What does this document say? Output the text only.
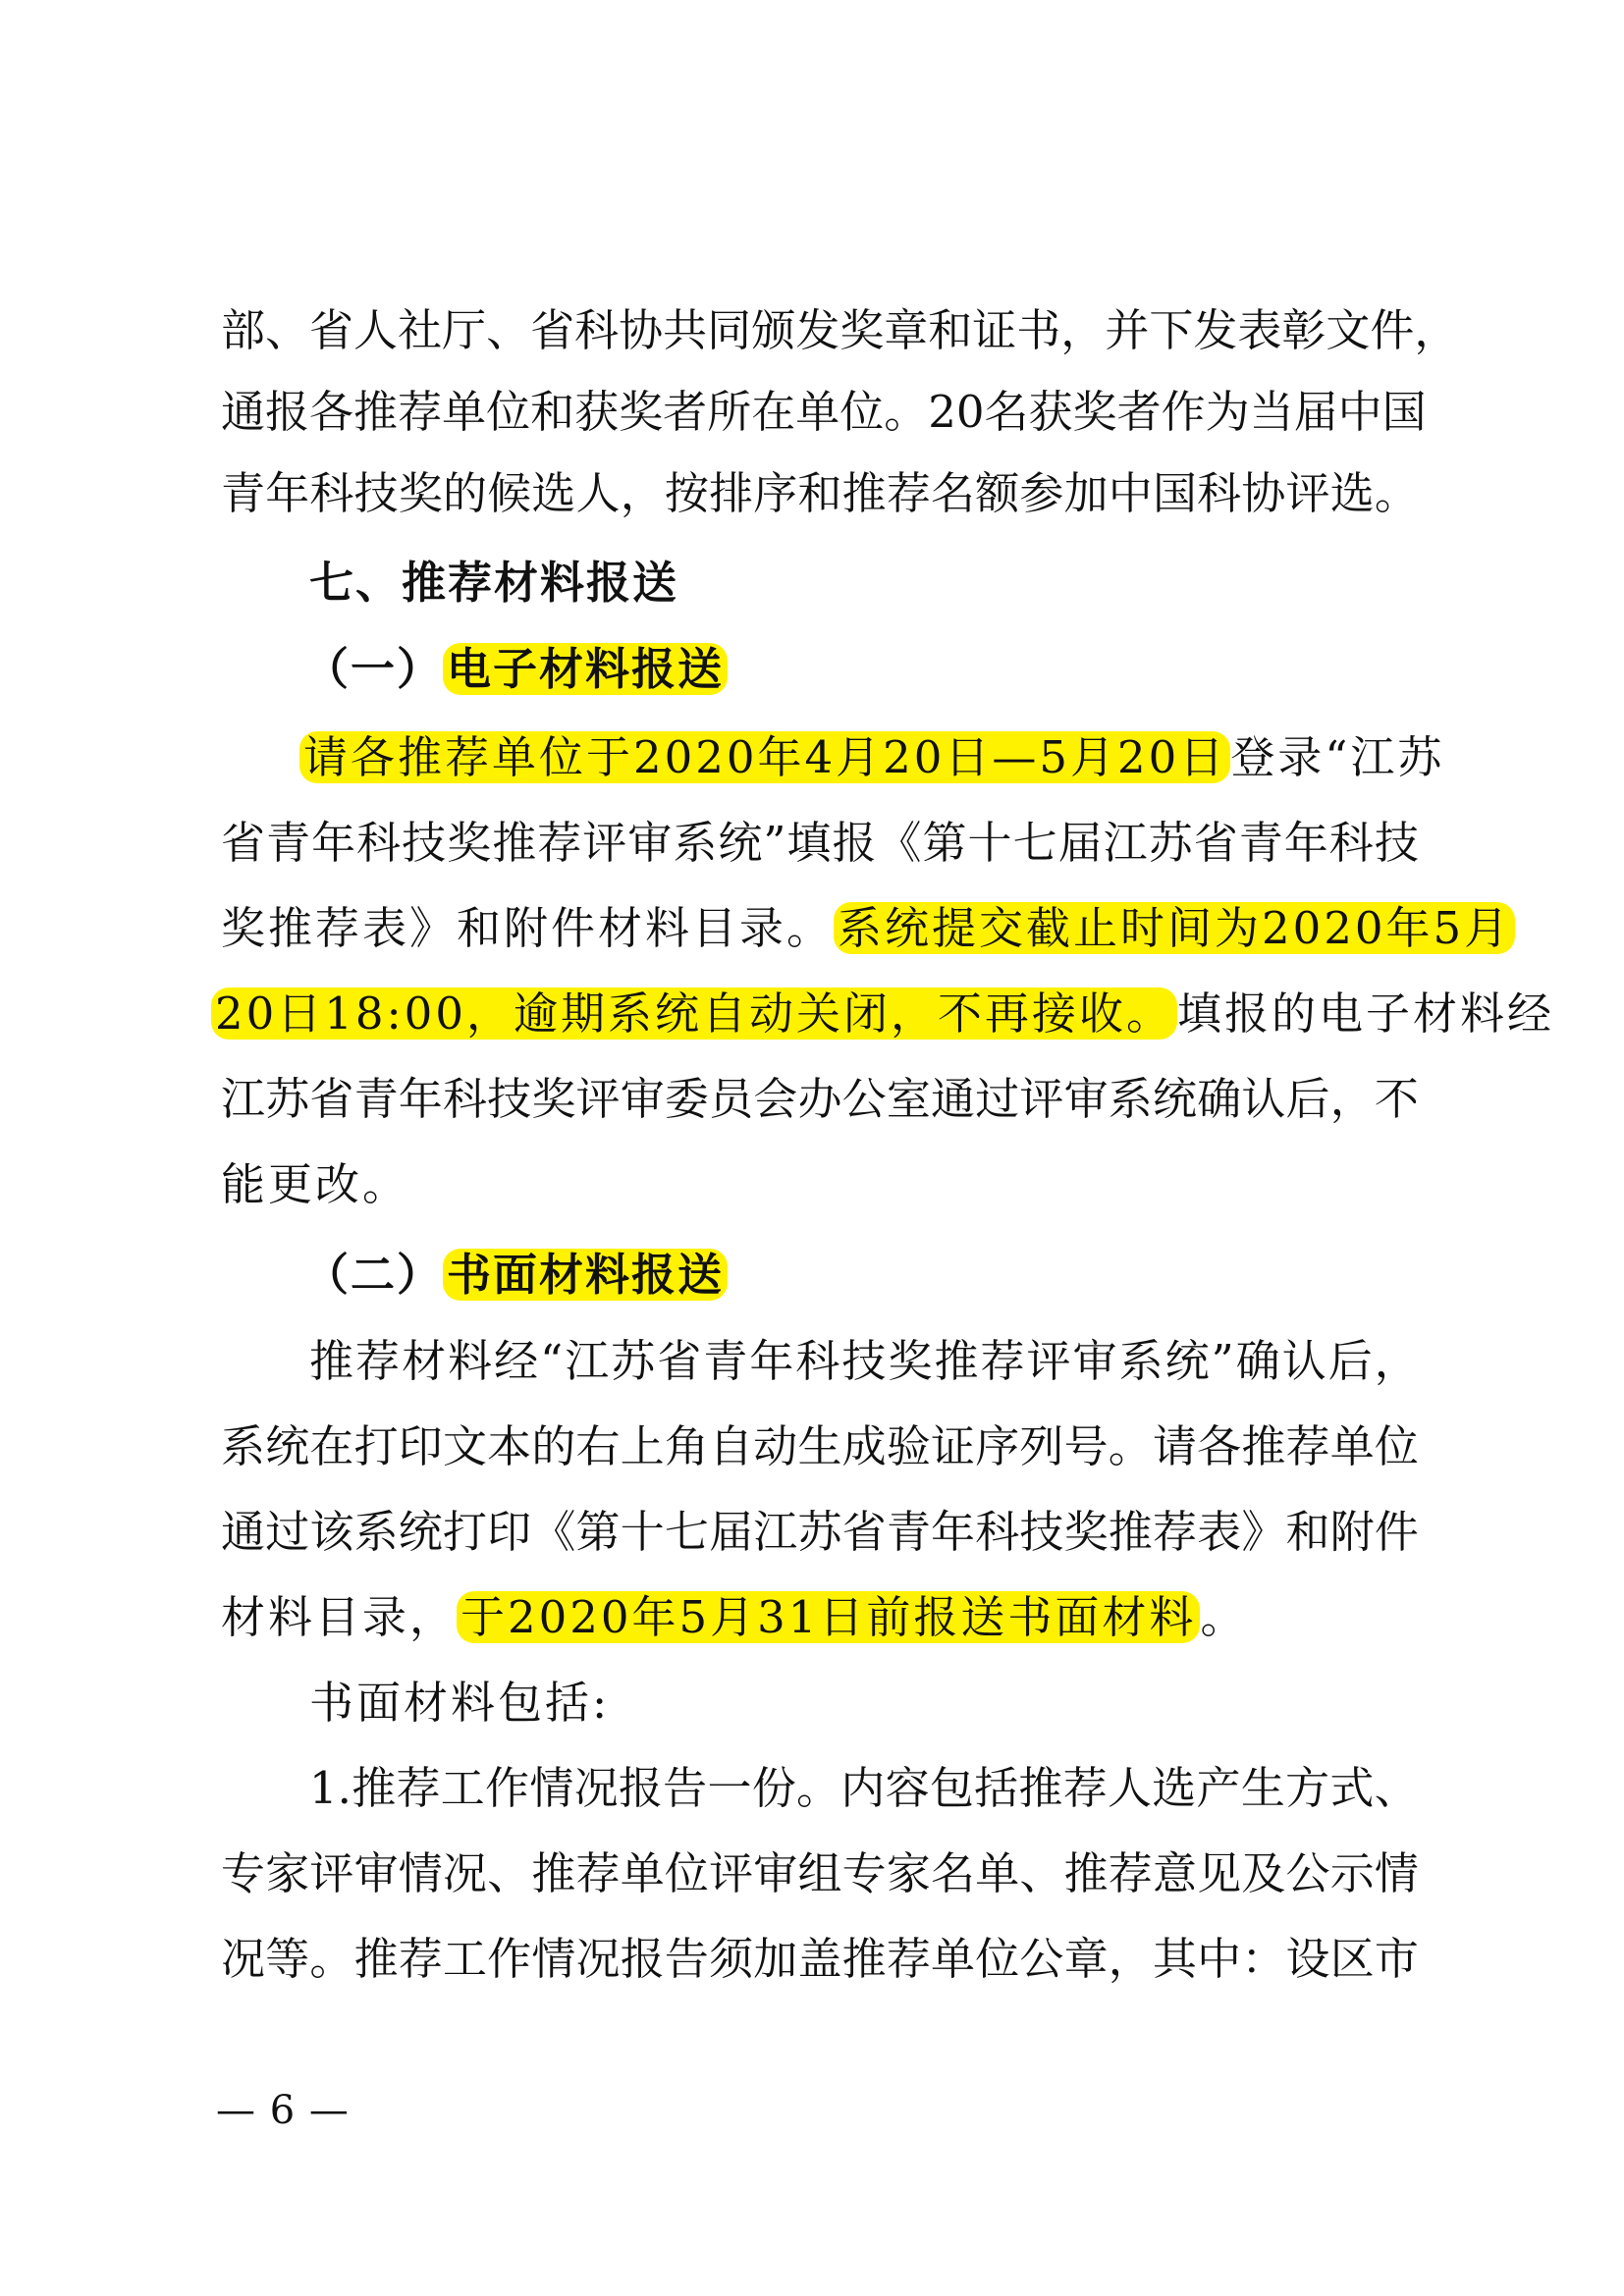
部 、 省 人 社 厅 、 省 科 协 共 同 颁 发 奖 章 和 证 书 ， 并 下 发 表 彰 文 件 ，
通 报 各 推 荐 单 位 和 获 奖 者 所 在 单 位 。 20 名 获 奖 者 作 为 当 届 中 国
青 年 科 技 奖 的 候 选 人 ， 按 排 序 和 推 荐 名 额 参 加 中 国 科 协 评 选 。
七、推荐材料报送
（一）电子材料报送
请各推荐单位于2020年4月20日—5月20日登录“江苏
省 青 年 科 技 奖 推 荐 评 审 系 统 ” 填 报 《 第 十 七 届 江 苏 省 青 年 科 技
奖推荐表》和附件材料目录。系统提交截止时间为2020年5月
20日18:00，逾期系统自动关闭，不再接收。填报的电子材料经
江 苏 省 青 年 科 技 奖 评 审 委 员 会 办 公 室 通 过 评 审 系 统 确 认 后 ， 不
能更改。
（二）书面材料报送
推 荐 材 料 经 “ 江 苏 省 青 年 科 技 奖 推 荐 评 审 系 统 ” 确 认 后 ，
系 统 在 打 印 文 本 的 右 上 角 自 动 生 成 验 证 序 列 号 。 请 各 推 荐 单 位
通 过 该 系 统 打 印 《 第 十 七 届 江 苏 省 青 年 科 技 奖 推 荐 表 》 和 附 件
材料目录，于2020年5月31日前报送书面材料。
书面材料包括:
1. 推 荐 工 作 情 况 报 告 一 份 。 内 容 包 括 推 荐 人 选 产 生 方 式 、
专 家 评 审 情 况 、 推 荐 单 位 评 审 组 专 家 名 单 、 推 荐 意 见 及 公 示 情
况 等 。 推 荐 工 作 情 况 报 告 须 加 盖 推 荐 单 位 公 章 ， 其 中 ： 设 区 市
— 6 —
